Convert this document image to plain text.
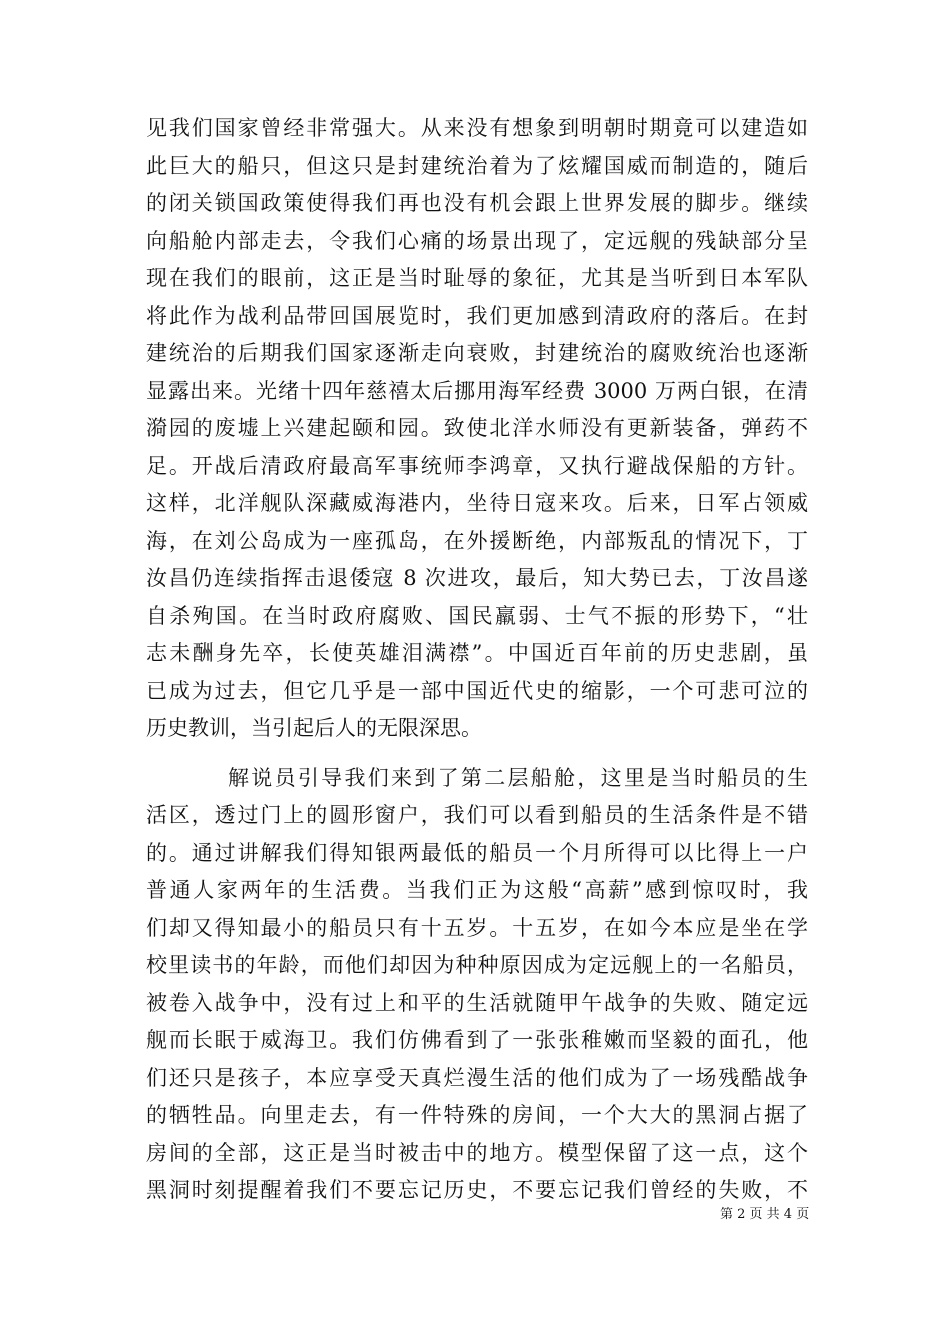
见我们国家曾经非常强大。从来没有想象到明朝时期竟可以建造如
此巨大的船只，但这只是封建统治着为了炫耀国威而制造的，随后
的闭关锁国政策使得我们再也没有机会跟上世界发展的脚步。继续
向船舱内部走去，令我们心痛的场景出现了，定远舰的残缺部分呈
现在我们的眼前，这正是当时耻辱的象征，尤其是当听到日本军队
将此作为战利品带回国展览时，我们更加感到清政府的落后。在封
建统治的后期我们国家逐渐走向衰败，封建统治的腐败统治也逐渐
显露出来。光绪十四年慈禧太后挪用海军经费 3000 万两白银，在清
漪园的废墟上兴建起颐和园。致使北洋水师没有更新装备，弹药不
足。开战后清政府最高军事统师李鸿章，又执行避战保船的方针。
这样，北洋舰队深藏威海港内，坐待日寇来攻。后来，日军占领威
海，在刘公岛成为一座孤岛，在外援断绝，内部叛乱的情况下，丁
汝昌仍连续指挥击退倭寇 8 次进攻，最后，知大势已去，丁汝昌遂
自杀殉国。在当时政府腐败、国民羸弱、士气不振的形势下，“壮
志未酬身先卒，长使英雄泪满襟”。中国近百年前的历史悲剧，虽
已成为过去，但它几乎是一部中国近代史的缩影，一个可悲可泣的
历史教训，当引起后人的无限深思。
解说员引导我们来到了第二层船舱，这里是当时船员的生
活区，透过门上的圆形窗户，我们可以看到船员的生活条件是不错
的。通过讲解我们得知银两最低的船员一个月所得可以比得上一户
普通人家两年的生活费。当我们正为这般“高薪”感到惊叹时，我
们却又得知最小的船员只有十五岁。十五岁，在如今本应是坐在学
校里读书的年龄，而他们却因为种种原因成为定远舰上的一名船员，
被卷入战争中，没有过上和平的生活就随甲午战争的失败、随定远
舰而长眠于威海卫。我们仿佛看到了一张张稚嫩而坚毅的面孔，他
们还只是孩子，本应享受天真烂漫生活的他们成为了一场残酷战争
的牺牲品。向里走去，有一件特殊的房间，一个大大的黑洞占据了
房间的全部，这正是当时被击中的地方。模型保留了这一点，这个
黑洞时刻提醒着我们不要忘记历史，不要忘记我们曾经的失败，不
第 2 页 共 4 页
